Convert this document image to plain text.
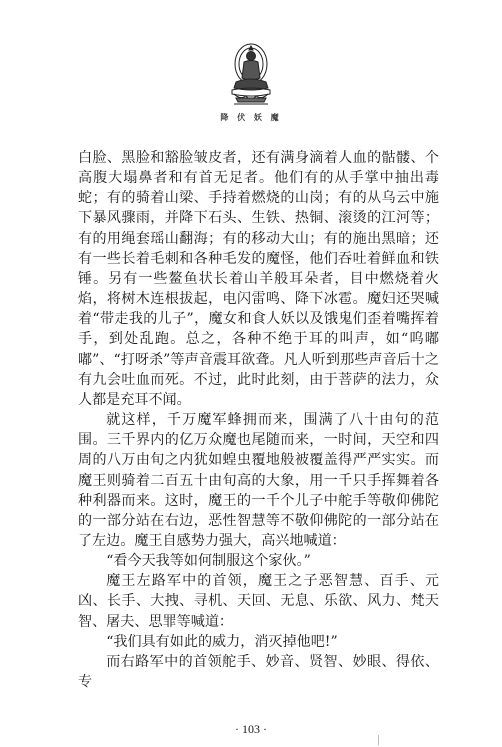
降 伏 妖 魔

白脸、黑脸和豁脸皱皮者，还有满身滴着人血的骷髅、个高腹大塌鼻者和有首无足者。他们有的从手掌中抽出毒蛇；有的骑着山梁、手持着燃烧的山岗；有的从乌云中施下暴风骤雨，并降下石头、生铁、热铜、滚烫的江河等；有的用绳套瑶山翻海；有的移动大山；有的施出黑暗；还有一些长着毛刺和各种毛发的魔怪，他们吞吐着鲜血和铁锤。另有一些鳌鱼状长着山羊般耳朵者，目中燃烧着火焰，将树木连根拔起，电闪雷鸣、降下冰雹。魔妇还哭喊着“带走我的儿子”，魔女和食人妖以及饿鬼们歪着嘴挥着手，到处乱跑。总之，各种不绝于耳的叫声，如“呜嘟嘟”、“打呀杀”等声音震耳欲聋。凡人听到那些声音后十之有九会吐血而死。不过，此时此刻，由于菩萨的法力，众人都是充耳不闻。

就这样，千万魔军蜂拥而来，围满了八十由句的范围。三千界内的亿万众魔也尾随而来，一时间，天空和四周的八万由旬之内犹如蝗虫覆地般被覆盖得严严实实。而魔王则骑着二百五十由旬高的大象，用一千只手挥舞着各种利器而来。这时，魔王的一千个儿子中舵手等敬仰佛陀的一部分站在右边，恶性智慧等不敬仰佛陀的一部分站在了左边。魔王自感势力强大，高兴地喊道：

“看今天我等如何制服这个家伙。”

魔王左路军中的首领，魔王之子恶智慧、百手、元凶、长手、大拽、寻机、天回、无息、乐欲、风力、梵天智、屠夫、思罪等喊道：

“我们具有如此的威力，消灭掉他吧!”

而右路军中的首领舵手、妙音、贤智、妙眼、得依、专

· 103 ·
